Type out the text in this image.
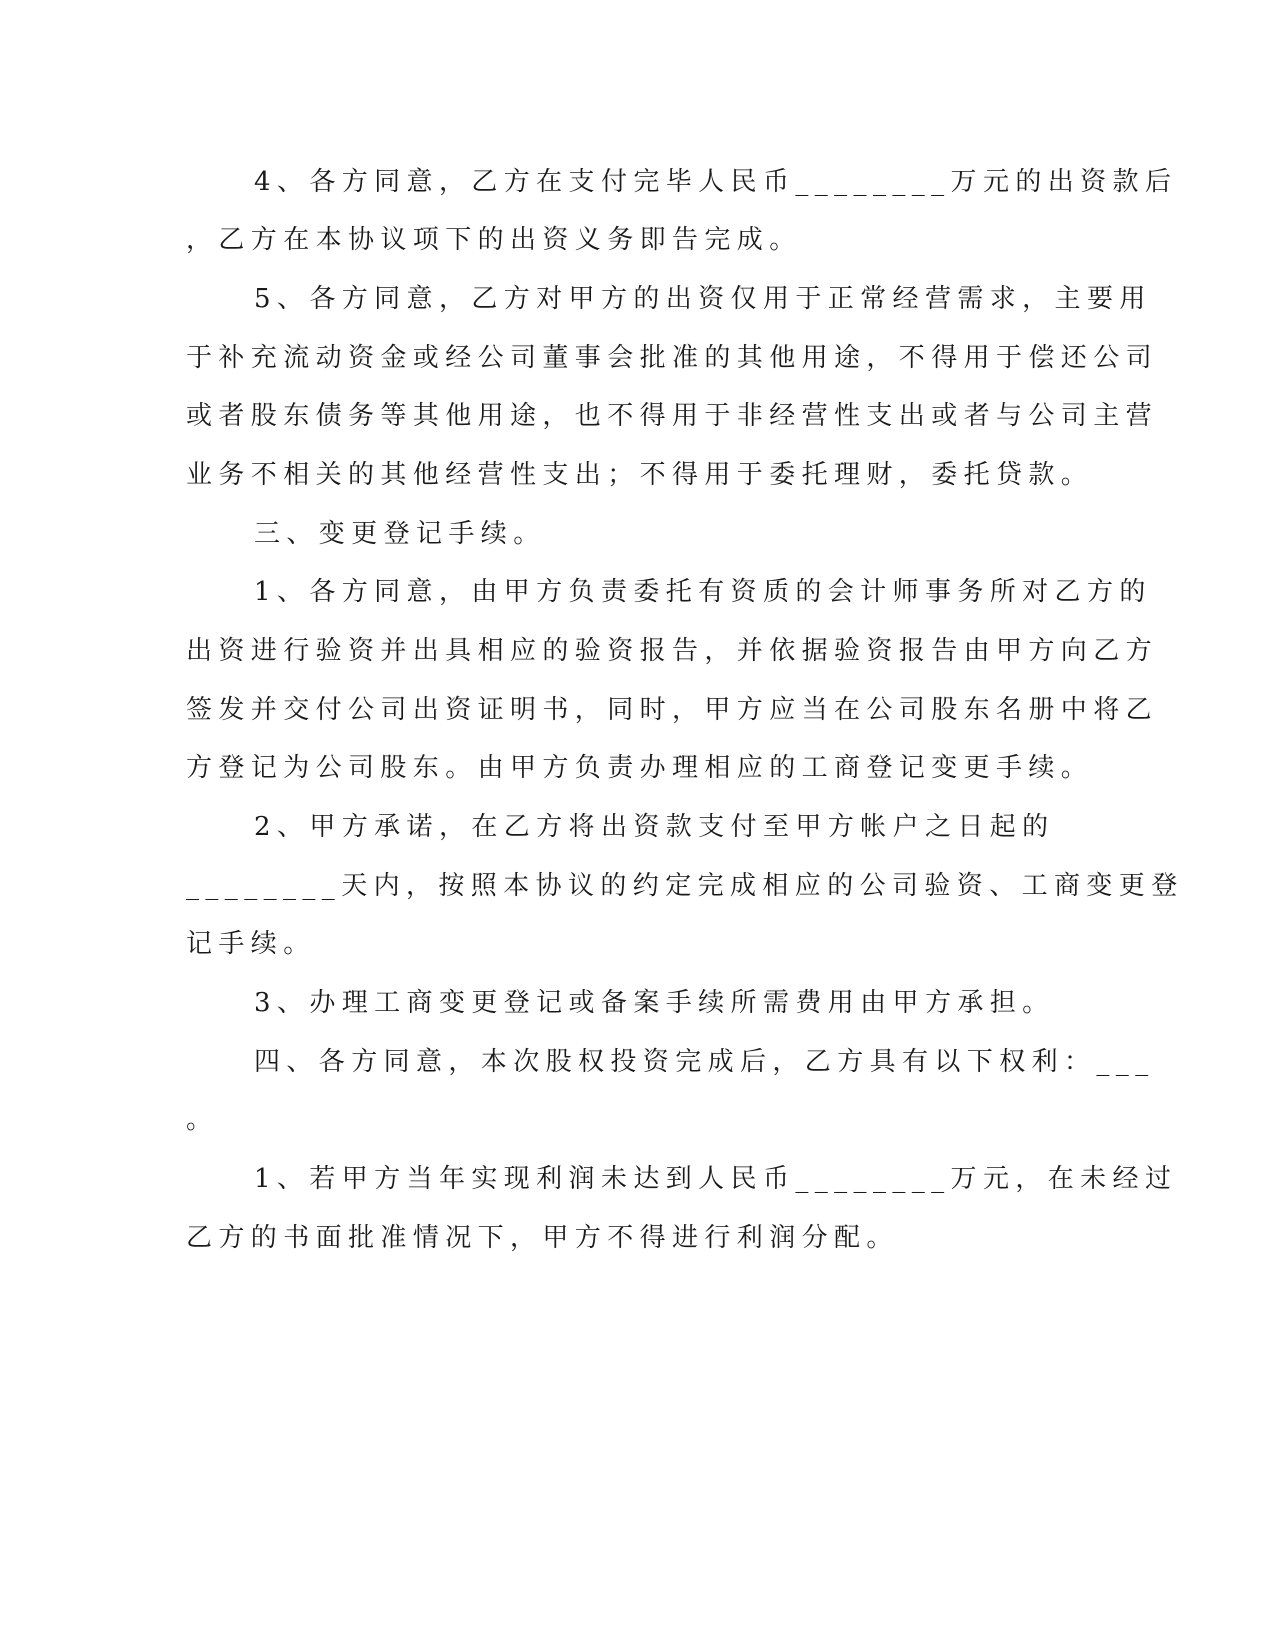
4、各方同意，乙方在支付完毕人民币________万元的出资款后
，乙方在本协议项下的出资义务即告完成。
5、各方同意，乙方对甲方的出资仅用于正常经营需求，主要用
于补充流动资金或经公司董事会批准的其他用途，不得用于偿还公司
或者股东债务等其他用途，也不得用于非经营性支出或者与公司主营
业务不相关的其他经营性支出；不得用于委托理财，委托贷款。
三、变更登记手续。
1、各方同意，由甲方负责委托有资质的会计师事务所对乙方的
出资进行验资并出具相应的验资报告，并依据验资报告由甲方向乙方
签发并交付公司出资证明书，同时，甲方应当在公司股东名册中将乙
方登记为公司股东。由甲方负责办理相应的工商登记变更手续。
2、甲方承诺，在乙方将出资款支付至甲方帐户之日起的
________天内，按照本协议的约定完成相应的公司验资、工商变更登
记手续。
3、办理工商变更登记或备案手续所需费用由甲方承担。
四、各方同意，本次股权投资完成后，乙方具有以下权利：___
。
1、若甲方当年实现利润未达到人民币________万元，在未经过
乙方的书面批准情况下，甲方不得进行利润分配。
